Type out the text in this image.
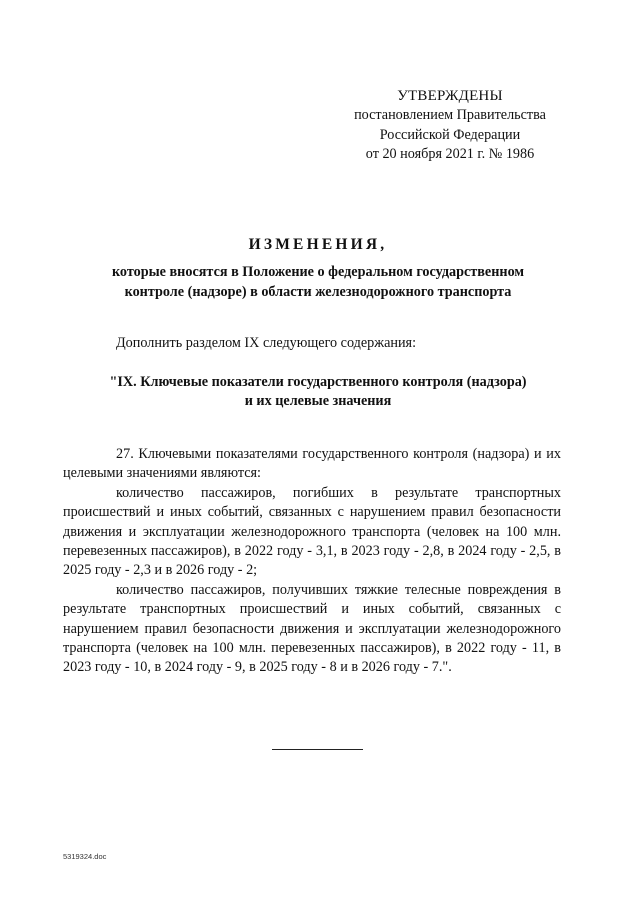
УТВЕРЖДЕНЫ
постановлением Правительства
Российской Федерации
от 20 ноября 2021 г. № 1986
ИЗМЕНЕНИЯ,
которые вносятся в Положение о федеральном государственном
контроле (надзоре) в области железнодорожного транспорта
Дополнить разделом IX следующего содержания:
"IX. Ключевые показатели государственного контроля (надзора)
и их целевые значения

27. Ключевыми показателями государственного контроля (надзора) и их целевыми значениями являются:

количество пассажиров, погибших в результате транспортных происшествий и иных событий, связанных с нарушением правил безопасности движения и эксплуатации железнодорожного транспорта (человек на 100 млн. перевезенных пассажиров), в 2022 году - 3,1, в 2023 году - 2,8, в 2024 году - 2,5, в 2025 году - 2,3 и в 2026 году - 2;

количество пассажиров, получивших тяжкие телесные повреждения в результате транспортных происшествий и иных событий, связанных с нарушением правил безопасности движения и эксплуатации железнодорожного транспорта (человек на 100 млн. перевезенных пассажиров), в 2022 году - 11, в 2023 году - 10, в 2024 году - 9, в 2025 году - 8 и в 2026 году - 7.".

5319324.doc
